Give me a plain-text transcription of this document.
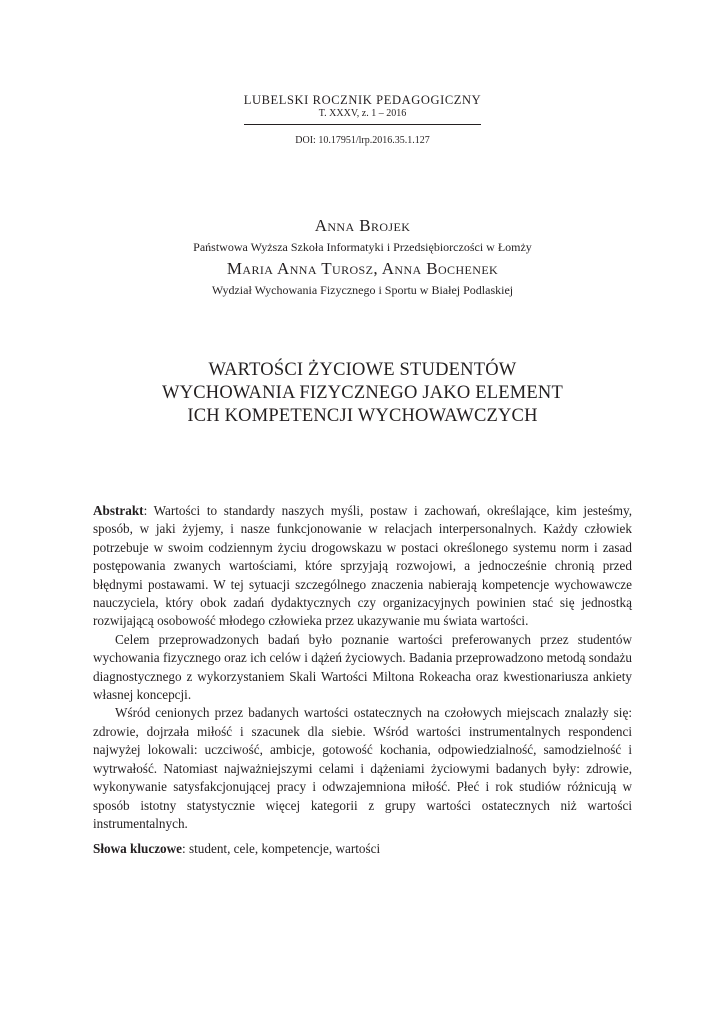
LUBELSKI ROCZNIK PEDAGOGICZNY
T. XXXV, z. 1 – 2016
DOI: 10.17951/lrp.2016.35.1.127
Anna Brojek
Państwowa Wyższa Szkoła Informatyki i Przedsiębiorczości w Łomży
Maria Anna Turosz, Anna Bochenek
Wydział Wychowania Fizycznego i Sportu w Białej Podlaskiej
WARTOŚCI ŻYCIOWE STUDENTÓW
WYCHOWANIA FIZYCZNEGO JAKO ELEMENT
ICH KOMPETENCJI WYCHOWAWCZYCH

Abstrakt: Wartości to standardy naszych myśli, postaw i zachowań, określające, kim jesteśmy, sposób, w jaki żyjemy, i nasze funkcjonowanie w relacjach interpersonalnych. Każdy człowiek potrzebuje w swoim codziennym życiu drogowskazu w postaci określonego systemu norm i zasad postępowania zwanych wartościami, które sprzyjają rozwojowi, a jednocześnie chronią przed błędnymi postawami. W tej sytuacji szczególnego znaczenia nabierają kompetencje wychowawcze nauczyciela, który obok zadań dydaktycznych czy organizacyjnych powinien stać się jednostką rozwijającą osobowość młodego człowieka przez ukazywanie mu świata wartości.

Celem przeprowadzonych badań było poznanie wartości preferowanych przez studentów wychowania fizycznego oraz ich celów i dążeń życiowych. Badania przeprowadzono metodą sondażu diagnostycznego z wykorzystaniem Skali Wartości Miltona Rokeacha oraz kwestionariusza ankiety własnej koncepcji.

Wśród cenionych przez badanych wartości ostatecznych na czołowych miejscach znalazły się: zdrowie, dojrzała miłość i szacunek dla siebie. Wśród wartości instrumentalnych respondenci najwyżej lokowali: uczciwość, ambicje, gotowość kochania, odpowiedzialność, samodzielność i wytrwałość. Natomiast najważniejszymi celami i dążeniami życiowymi badanych były: zdrowie, wykonywanie satysfakcjonującej pracy i odwzajemniona miłość. Płeć i rok studiów różnicują w sposób istotny statystycznie więcej kategorii z grupy wartości ostatecznych niż wartości instrumentalnych.

Słowa kluczowe: student, cele, kompetencje, wartości
